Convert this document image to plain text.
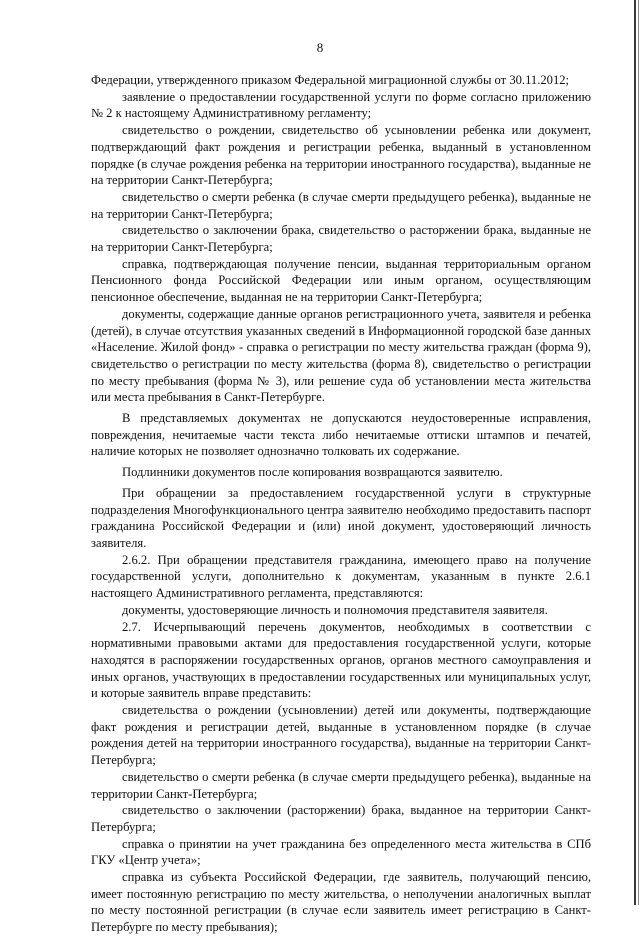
8

Федерации, утвержденного приказом Федеральной миграционной службы от 30.11.2012;

заявление о предоставлении государственной услуги по форме согласно приложению № 2 к настоящему Административному регламенту;

свидетельство о рождении, свидетельство об усыновлении ребенка или документ, подтверждающий факт рождения и регистрации ребенка, выданный в установленном порядке (в случае рождения ребенка на территории иностранного государства), выданные не на территории Санкт-Петербурга;

свидетельство о смерти ребенка (в случае смерти предыдущего ребенка), выданные не на территории Санкт-Петербурга;

свидетельство о заключении брака, свидетельство о расторжении брака, выданные не на территории Санкт-Петербурга;

справка, подтверждающая получение пенсии, выданная территориальным органом Пенсионного фонда Российской Федерации или иным органом, осуществляющим пенсионное обеспечение, выданная не на территории Санкт-Петербурга;

документы, содержащие данные органов регистрационного учета, заявителя и ребенка (детей), в случае отсутствия указанных сведений в Информационной городской базе данных «Население. Жилой фонд» - справка о регистрации по месту жительства граждан (форма 9), свидетельство о регистрации по месту жительства (форма 8), свидетельство о регистрации по месту пребывания (форма № 3), или решение суда об установлении места жительства или места пребывания в Санкт-Петербурге.

В представляемых документах не допускаются неудостоверенные исправления, повреждения, нечитаемые части текста либо нечитаемые оттиски штампов и печатей, наличие которых не позволяет однозначно толковать их содержание.

Подлинники документов после копирования возвращаются заявителю.

При обращении за предоставлением государственной услуги в структурные подразделения Многофункционального центра заявителю необходимо предоставить паспорт гражданина Российской Федерации и (или) иной документ, удостоверяющий личность заявителя.

2.6.2. При обращении представителя гражданина, имеющего право на получение государственной услуги, дополнительно к документам, указанным в пункте 2.6.1 настоящего Административного регламента, представляются:

документы, удостоверяющие личность и полномочия представителя заявителя.

2.7. Исчерпывающий перечень документов, необходимых в соответствии с нормативными правовыми актами для предоставления государственной услуги, которые находятся в распоряжении государственных органов, органов местного самоуправления и иных органов, участвующих в предоставлении государственных или муниципальных услуг, и которые заявитель вправе представить:

свидетельства о рождении (усыновлении) детей или документы, подтверждающие факт рождения и регистрации детей, выданные в установленном порядке (в случае рождения детей на территории иностранного государства), выданные на территории Санкт-Петербурга;

свидетельство о смерти ребенка (в случае смерти предыдущего ребенка), выданные на территории Санкт-Петербурга;

свидетельство о заключении (расторжении) брака, выданное на территории Санкт-Петербурга;

справка о принятии на учет гражданина без определенного места жительства в СПб ГКУ «Центр учета»;

справка из субъекта Российской Федерации, где заявитель, получающий пенсию, имеет постоянную регистрацию по месту жительства, о неполучении аналогичных выплат по месту постоянной регистрации (в случае если заявитель имеет регистрацию в Санкт-Петербурге по месту пребывания);
